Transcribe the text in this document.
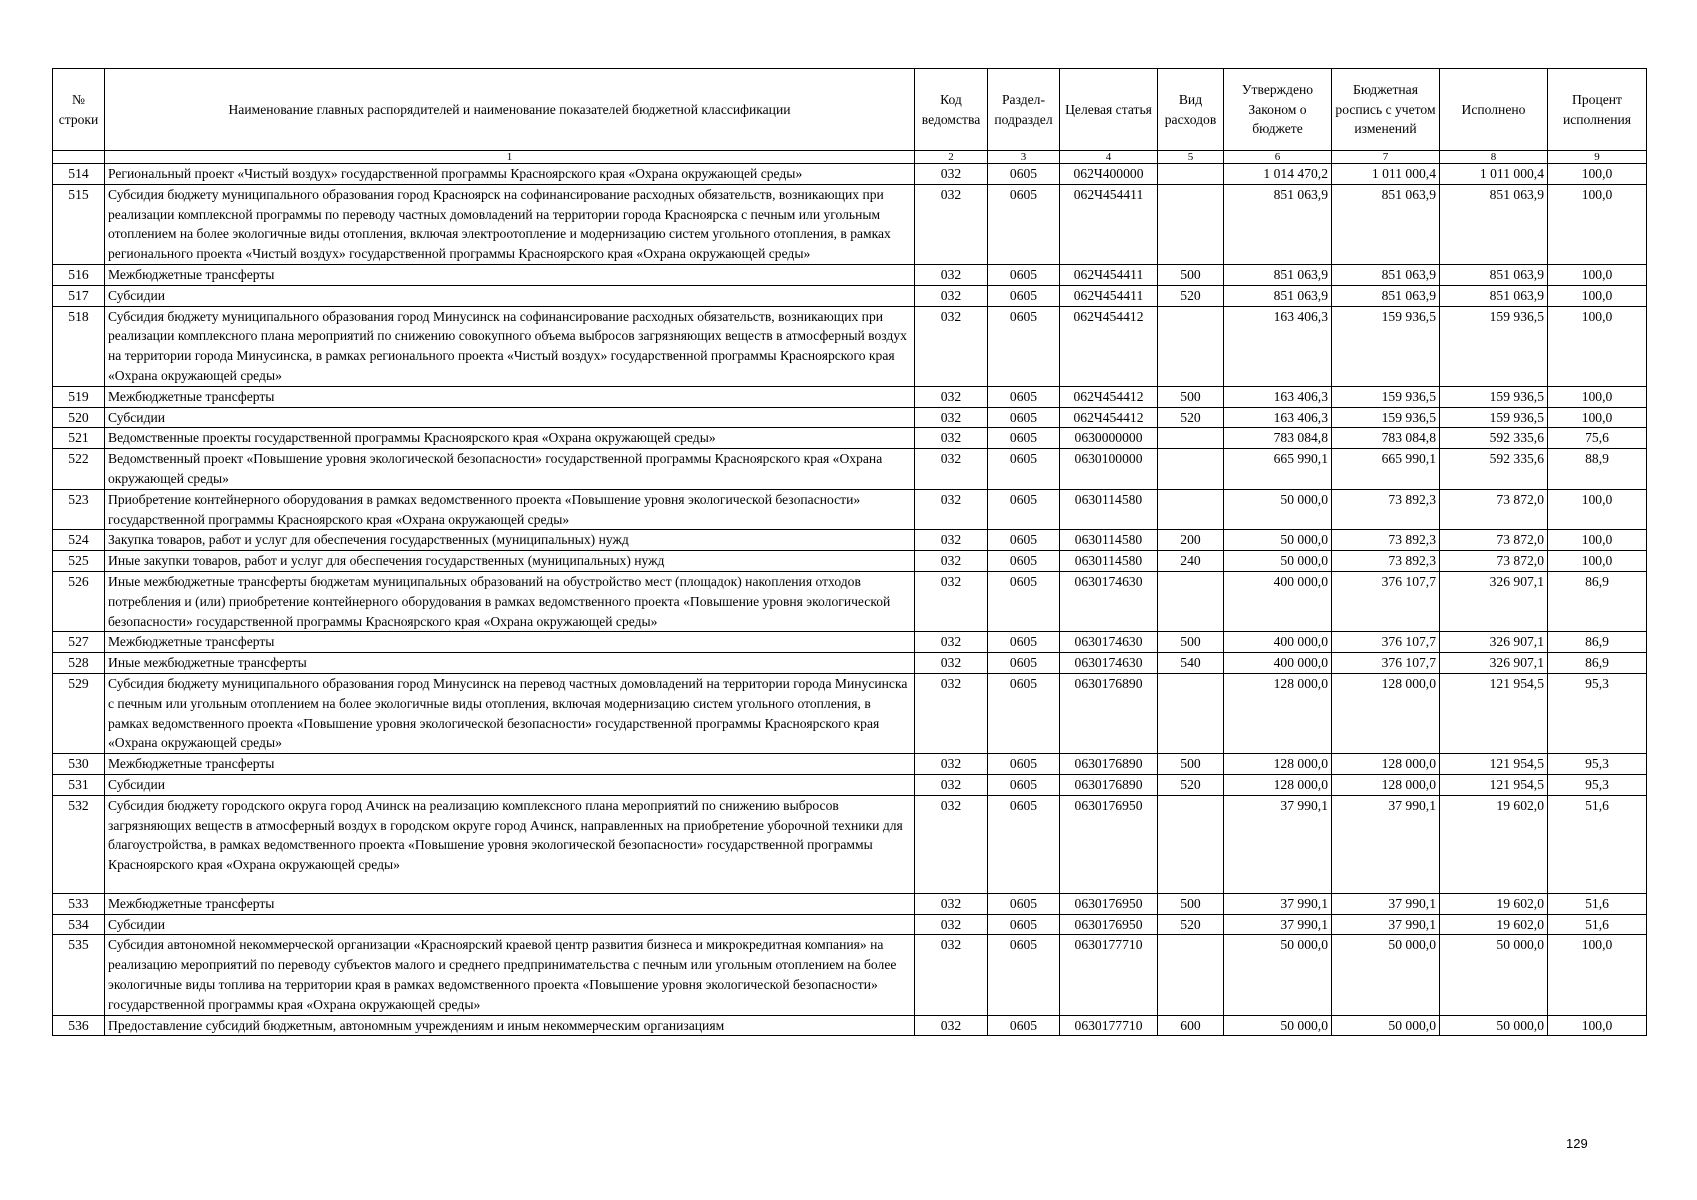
№ строки	Наименование главных распорядителей и наименование показателей бюджетной классификации	Код ведомства	Раздел-подраздел	Целевая статья	Вид расходов	Утверждено Законом о бюджете	Бюджетная роспись с учетом изменений	Исполнено	Процент исполнения
	1	2	3	4	5	6	7	8	9
514	Региональный проект «Чистый воздух» государственной программы Красноярского края «Охрана окружающей среды»	032	0605	062Ч400000		1 014 470,2	1 011 000,4	1 011 000,4	100,0
515	Субсидия бюджету муниципального образования город Красноярск на софинансирование расходных обязательств, возникающих при реализации комплексной программы по переводу частных домовладений на территории города Красноярска с печным или угольным отоплением на более экологичные виды отопления, включая электроотопление и модернизацию систем угольного отопления, в рамках регионального проекта «Чистый воздух» государственной программы Красноярского края «Охрана окружающей среды»	032	0605	062Ч454411		851 063,9	851 063,9	851 063,9	100,0
516	Межбюджетные трансферты	032	0605	062Ч454411	500	851 063,9	851 063,9	851 063,9	100,0
517	Субсидии	032	0605	062Ч454411	520	851 063,9	851 063,9	851 063,9	100,0
518	Субсидия бюджету муниципального образования город Минусинск на софинансирование расходных обязательств, возникающих при реализации комплексного плана мероприятий по снижению совокупного объема выбросов загрязняющих веществ в атмосферный воздух на территории города Минусинска, в рамках регионального проекта «Чистый воздух» государственной программы Красноярского края «Охрана окружающей среды»	032	0605	062Ч454412		163 406,3	159 936,5	159 936,5	100,0
519	Межбюджетные трансферты	032	0605	062Ч454412	500	163 406,3	159 936,5	159 936,5	100,0
520	Субсидии	032	0605	062Ч454412	520	163 406,3	159 936,5	159 936,5	100,0
521	Ведомственные проекты государственной программы Красноярского края «Охрана окружающей среды»	032	0605	0630000000		783 084,8	783 084,8	592 335,6	75,6
522	Ведомственный проект «Повышение уровня экологической безопасности» государственной программы Красноярского края «Охрана окружающей среды»	032	0605	0630100000		665 990,1	665 990,1	592 335,6	88,9
523	Приобретение контейнерного оборудования в рамках ведомственного проекта «Повышение уровня экологической безопасности» государственной программы Красноярского края «Охрана окружающей среды»	032	0605	0630114580		50 000,0	73 892,3	73 872,0	100,0
524	Закупка товаров, работ и услуг для обеспечения государственных (муниципальных) нужд	032	0605	0630114580	200	50 000,0	73 892,3	73 872,0	100,0
525	Иные закупки товаров, работ и услуг для обеспечения государственных (муниципальных) нужд	032	0605	0630114580	240	50 000,0	73 892,3	73 872,0	100,0
526	Иные межбюджетные трансферты бюджетам муниципальных образований на обустройство мест (площадок) накопления отходов потребления и (или) приобретение контейнерного оборудования в рамках ведомственного проекта «Повышение уровня экологической безопасности» государственной программы Красноярского края «Охрана окружающей среды»	032	0605	0630174630		400 000,0	376 107,7	326 907,1	86,9
527	Межбюджетные трансферты	032	0605	0630174630	500	400 000,0	376 107,7	326 907,1	86,9
528	Иные межбюджетные трансферты	032	0605	0630174630	540	400 000,0	376 107,7	326 907,1	86,9
529	Субсидия бюджету муниципального образования город Минусинск на перевод частных домовладений на территории города Минусинска с печным или угольным отоплением на более экологичные виды отопления, включая модернизацию систем угольного отопления, в рамках ведомственного проекта «Повышение уровня экологической безопасности» государственной программы Красноярского края «Охрана окружающей среды»	032	0605	0630176890		128 000,0	128 000,0	121 954,5	95,3
530	Межбюджетные трансферты	032	0605	0630176890	500	128 000,0	128 000,0	121 954,5	95,3
531	Субсидии	032	0605	0630176890	520	128 000,0	128 000,0	121 954,5	95,3
532	Субсидия бюджету городского округа город Ачинск на реализацию комплексного плана мероприятий по снижению выбросов загрязняющих веществ в атмосферный воздух в городском округе город Ачинск, направленных на приобретение уборочной техники для благоустройства, в рамках ведомственного проекта «Повышение уровня экологической безопасности» государственной программы Красноярского края «Охрана окружающей среды»	032	0605	0630176950		37 990,1	37 990,1	19 602,0	51,6
533	Межбюджетные трансферты	032	0605	0630176950	500	37 990,1	37 990,1	19 602,0	51,6
534	Субсидии	032	0605	0630176950	520	37 990,1	37 990,1	19 602,0	51,6
535	Субсидия автономной некоммерческой организации «Красноярский краевой центр развития бизнеса и микрокредитная компания» на реализацию мероприятий по переводу субъектов малого и среднего предпринимательства с печным или угольным отоплением на более экологичные виды топлива на территории края в рамках ведомственного проекта «Повышение уровня экологической безопасности» государственной программы края «Охрана окружающей среды»	032	0605	0630177710		50 000,0	50 000,0	50 000,0	100,0
536	Предоставление субсидий бюджетным, автономным учреждениям и иным некоммерческим организациям	032	0605	0630177710	600	50 000,0	50 000,0	50 000,0	100,0
129
